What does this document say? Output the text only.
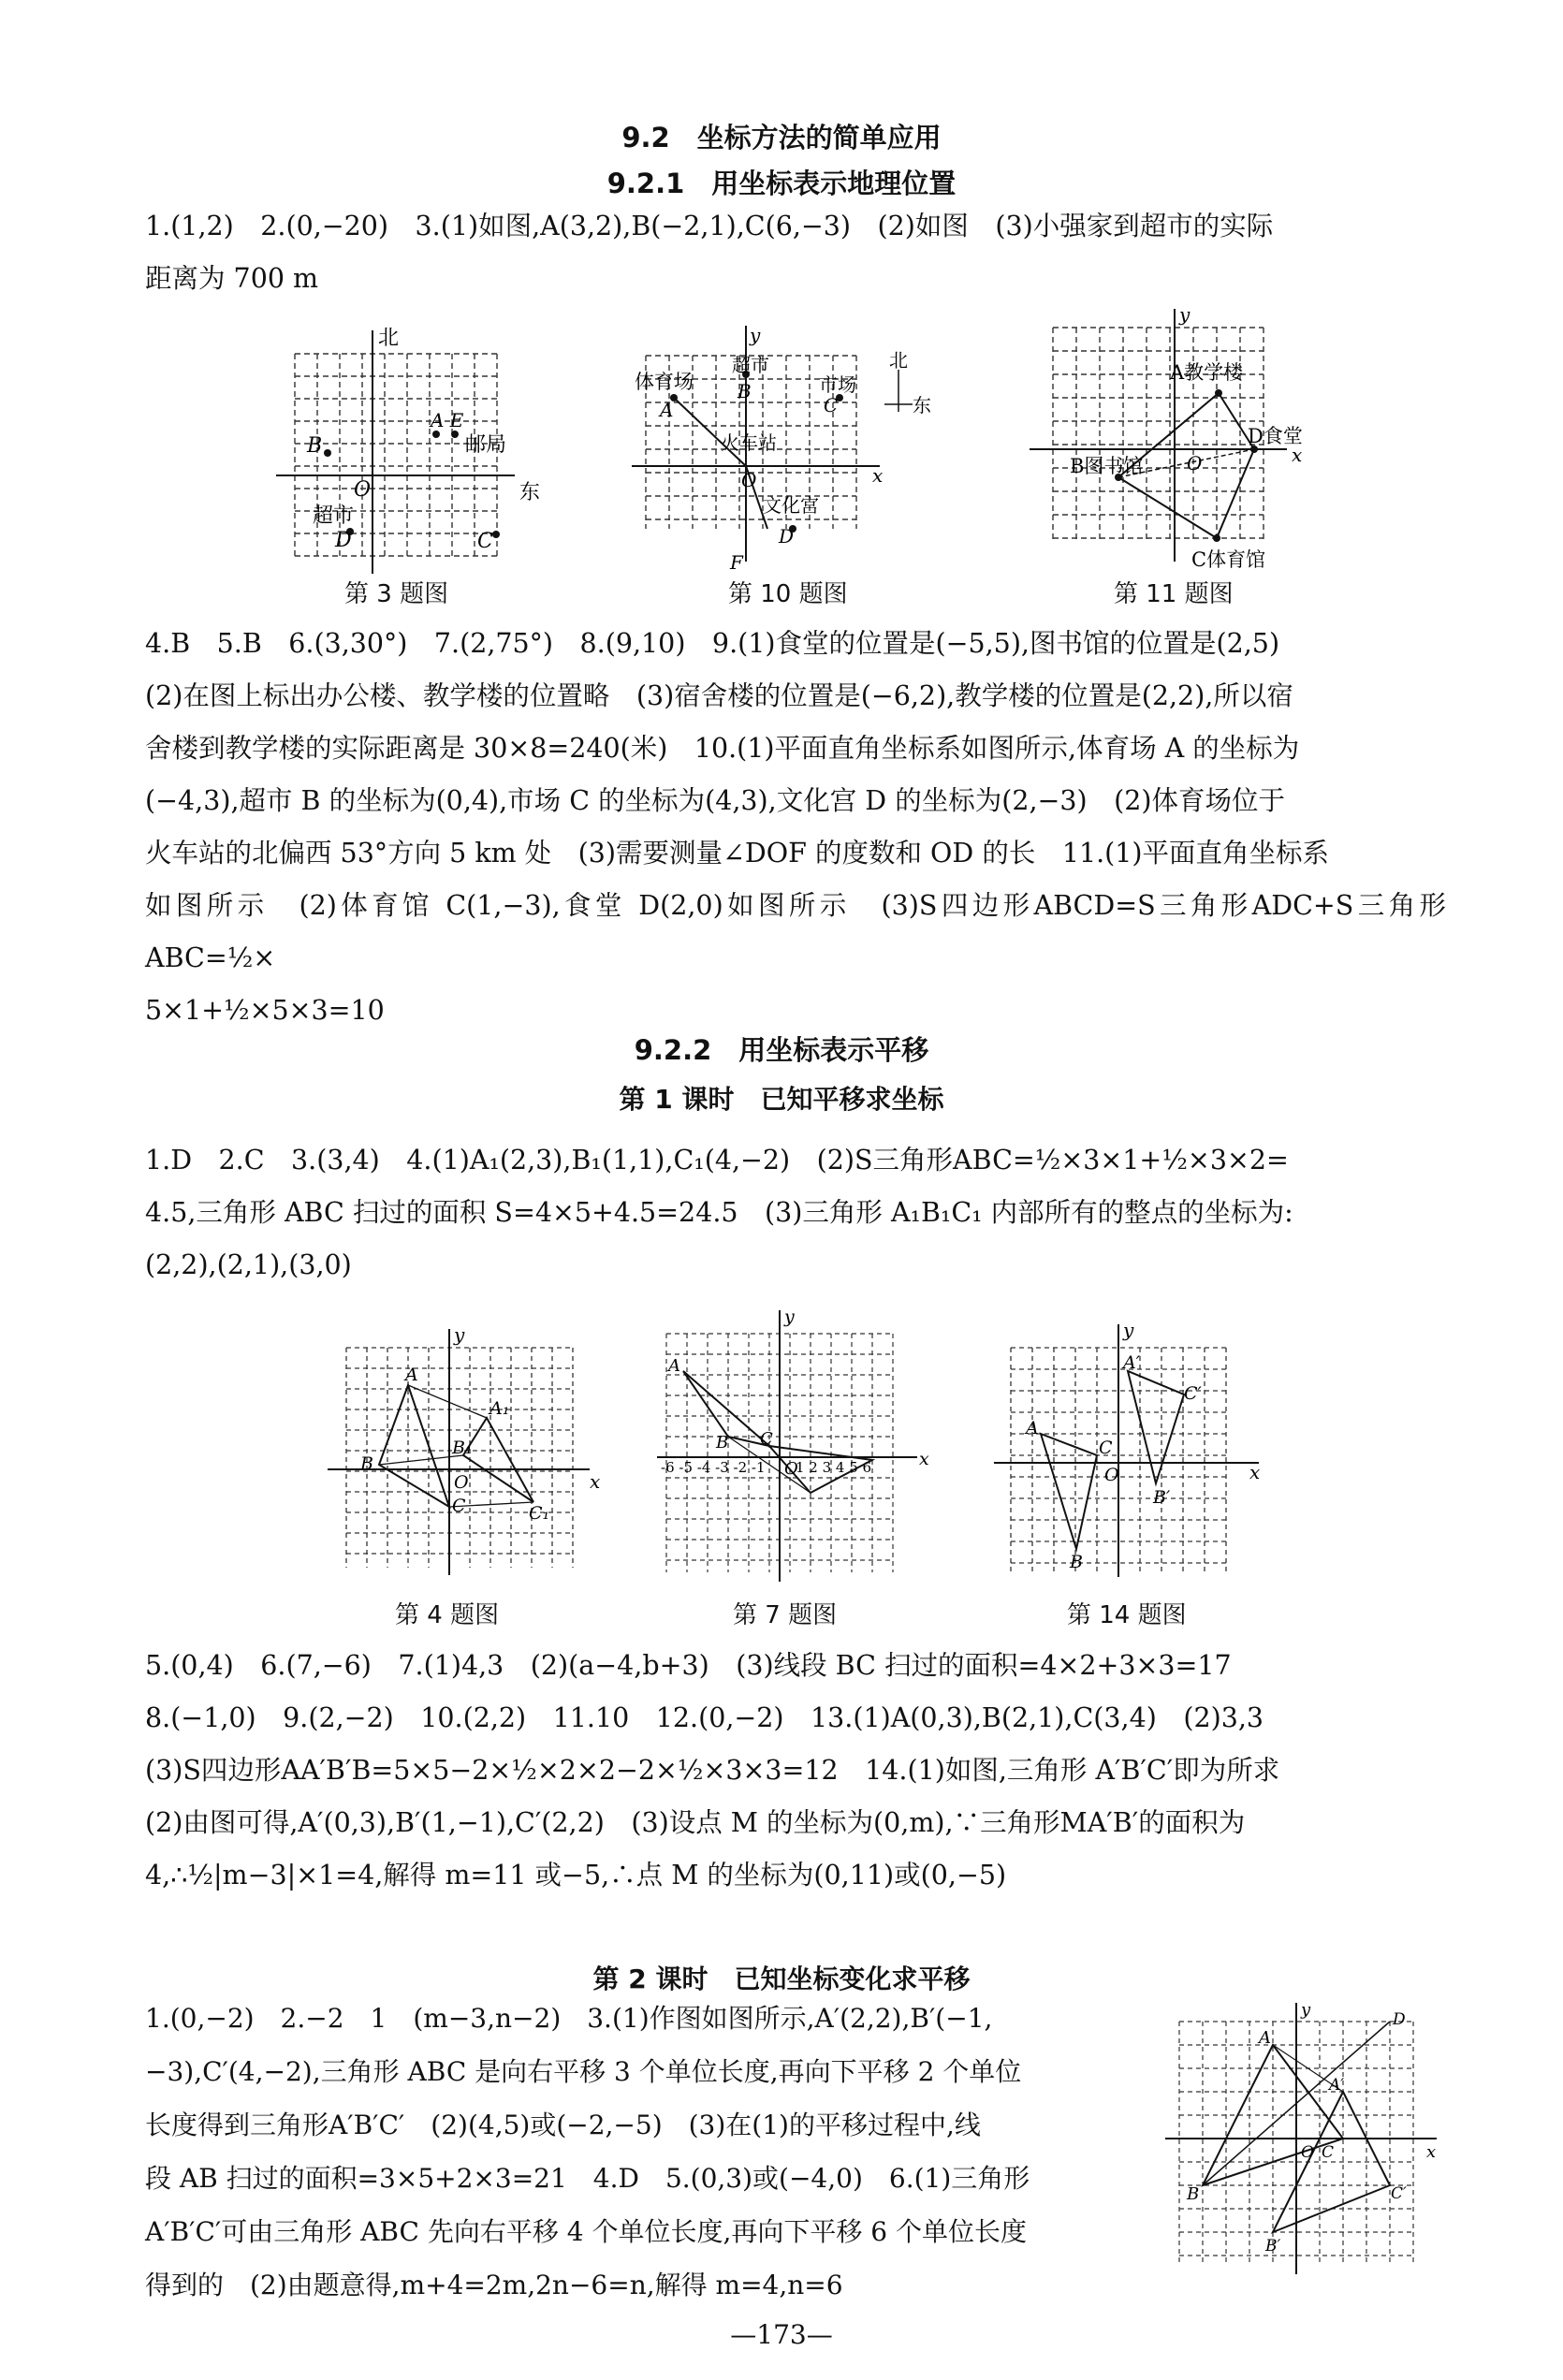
9.2　坐标方法的简单应用
9.2.1　用坐标表示地理位置

1.(1,2)　2.(0,−20)　3.(1)如图,A(3,2),B(−2,1),C(6,−3)　(2)如图　(3)小强家到超市的实际

距离为 700 m

北
东
O
B
A E
邮局
超市
D	C
第 3 题图
y
x
体育场
A
超市
B	市场
C
北
东
火车站
O
文化宫
D
F
第 10 题图
y
x
A教学楼
D食堂
B图书馆 O
C体育馆
第 11 题图

4.B　5.B　6.(3,30°)　7.(2,75°)　8.(9,10)　9.(1)食堂的位置是(−5,5),图书馆的位置是(2,5)

(2)在图上标出办公楼、教学楼的位置略　(3)宿舍楼的位置是(−6,2),教学楼的位置是(2,2),所以宿

舍楼到教学楼的实际距离是 30×8=240(米)　10.(1)平面直角坐标系如图所示,体育场 A 的坐标为

(−4,3),超市 B 的坐标为(0,4),市场 C 的坐标为(4,3),文化宫 D 的坐标为(2,−3)　(2)体育场位于

火车站的北偏西 53°方向 5 km 处　(3)需要测量∠DOF 的度数和 OD 的长　11.(1)平面直角坐标系

如图所示　(2)体育馆 C(1,−3),食堂 D(2,0)如图所示　(3)S四边形ABCD=S三角形ADC+S三角形ABC=½×

5×1+½×5×3=10

9.2.2　用坐标表示平移
第 1 课时　已知平移求坐标

1.D　2.C　3.(3,4)　4.(1)A₁(2,3),B₁(1,1),C₁(4,−2)　(2)S三角形ABC=½×3×1+½×3×2=

4.5,三角形 ABC 扫过的面积 S=4×5+4.5=24.5　(3)三角形 A₁B₁C₁ 内部所有的整点的坐标为:

(2,2),(2,1),(3,0)

y
x
A
B
C
A₁
B₁
O
C₁
第 4 题图
y
x
A
B C
O
-6 -5 -4 -3 -2 -1 1 2 3 4 5 6
第 7 题图
y
x
A
B
C
O
A′
B′
C′
第 14 题图

5.(0,4)　6.(7,−6)　7.(1)4,3　(2)(a−4,b+3)　(3)线段 BC 扫过的面积=4×2+3×3=17

8.(−1,0)　9.(2,−2)　10.(2,2)　11.10　12.(0,−2)　13.(1)A(0,3),B(2,1),C(3,4)　(2)3,3

(3)S四边形AA′B′B=5×5−2×½×2×2−2×½×3×3=12　14.(1)如图,三角形 A′B′C′即为所求

(2)由图可得,A′(0,3),B′(1,−1),C′(2,2)　(3)设点 M 的坐标为(0,m),∵三角形MA′B′的面积为

4,∴½|m−3|×1=4,解得 m=11 或−5,∴点 M 的坐标为(0,11)或(0,−5)

第 2 课时　已知坐标变化求平移

1.(0,−2)　2.−2　1　(m−3,n−2)　3.(1)作图如图所示,A′(2,2),B′(−1,

−3),C′(4,−2),三角形 ABC 是向右平移 3 个单位长度,再向下平移 2 个单位

长度得到三角形A′B′C′　(2)(4,5)或(−2,−5)　(3)在(1)的平移过程中,线

段 AB 扫过的面积=3×5+2×3=21　4.D　5.(0,3)或(−4,0)　6.(1)三角形

A′B′C′可由三角形 ABC 先向右平移 4 个单位长度,再向下平移 6 个单位长度

得到的　(2)由题意得,m+4=2m,2n−6=n,解得 m=4,n=6

y
x
A
B
O C
A′
B′
C′
D
—173—
